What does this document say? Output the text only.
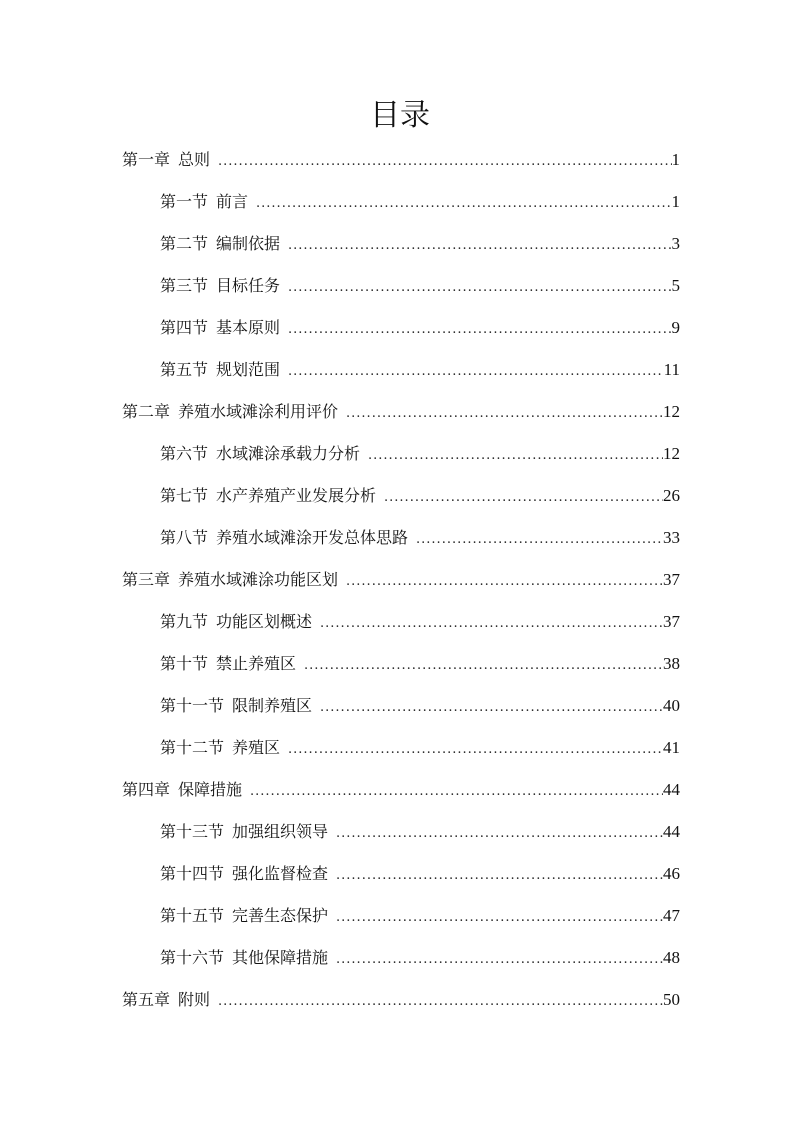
目录
第一章 总则 .....	1
第一节 前言 .....	1
第二节 编制依据 .....	3
第三节 目标任务 .....	5
第四节 基本原则 .....	9
第五节 规划范围 .....	11
第二章 养殖水域滩涂利用评价 .....	12
第六节 水域滩涂承载力分析 .....	12
第七节 水产养殖产业发展分析 .....	26
第八节 养殖水域滩涂开发总体思路 .....	33
第三章 养殖水域滩涂功能区划 .....	37
第九节 功能区划概述 .....	37
第十节 禁止养殖区 .....	38
第十一节 限制养殖区 .....	40
第十二节 养殖区 .....	41
第四章 保障措施 .....	44
第十三节 加强组织领导 .....	44
第十四节 强化监督检查 .....	46
第十五节 完善生态保护 .....	47
第十六节 其他保障措施 .....	48
第五章 附则 .....	50
